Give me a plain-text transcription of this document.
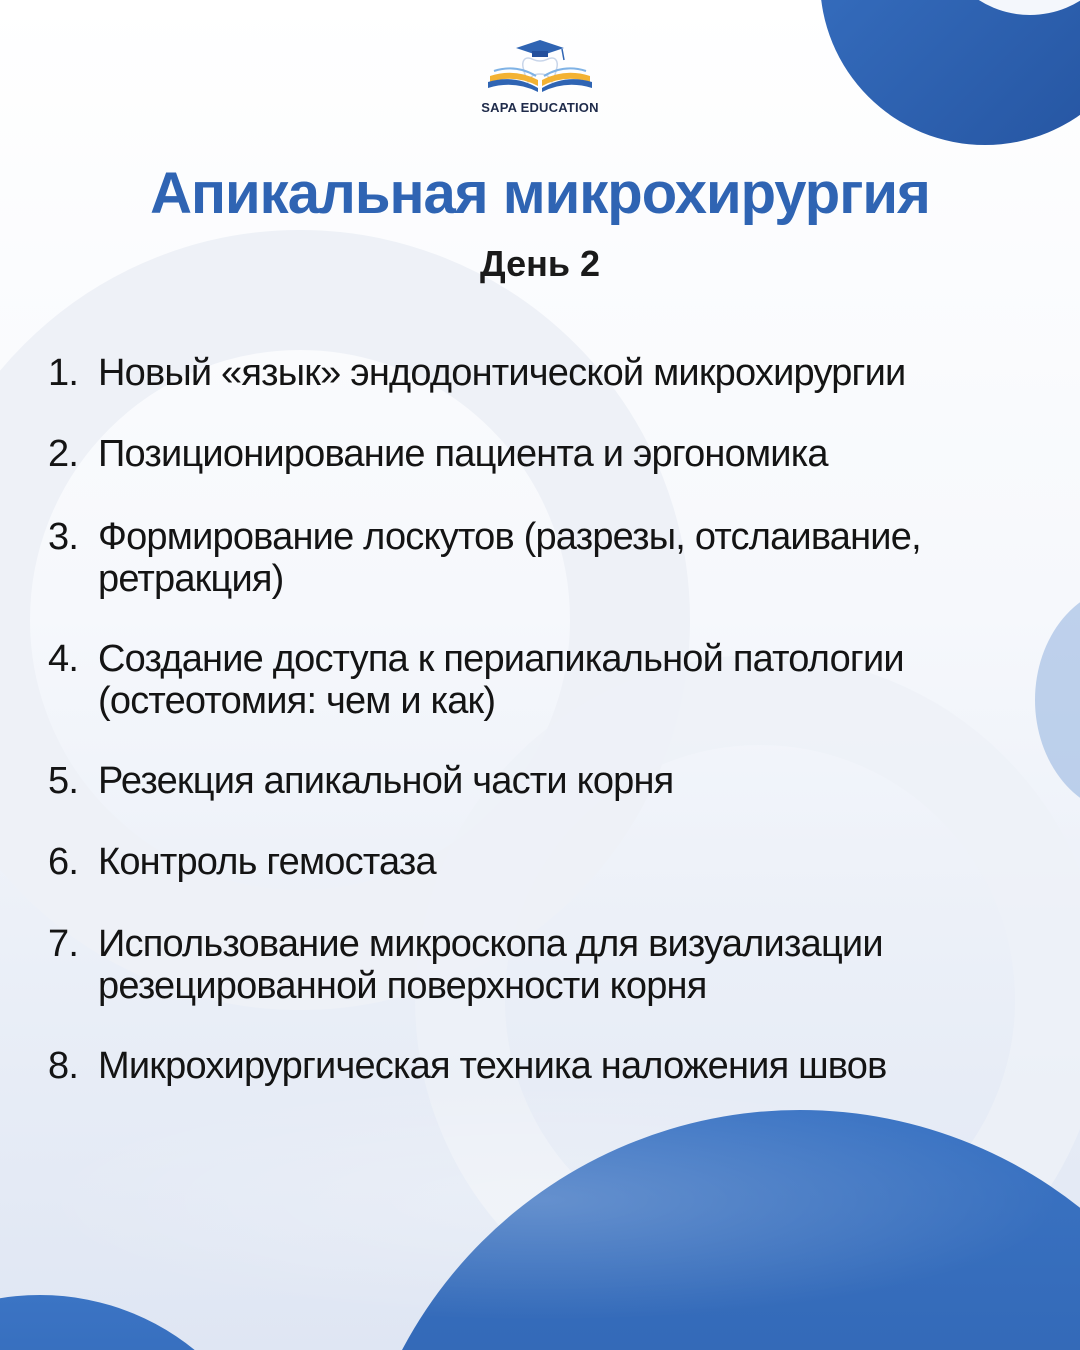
SAPA EDUCATION
Апикальная микрохирургия
День 2
1. Новый «язык» эндодонтической микрохирургии
2. Позиционирование пациента и эргономика
3. Формирование лоскутов (разрезы, отслаивание,
ретракция)
4. Создание доступа к периапикальной патологии
(остеотомия: чем и как)
5. Резекция апикальной части корня
6. Контроль гемостаза
7. Использование микроскопа для визуализации
резецированной поверхности корня
8. Микрохирургическая техника наложения швов
